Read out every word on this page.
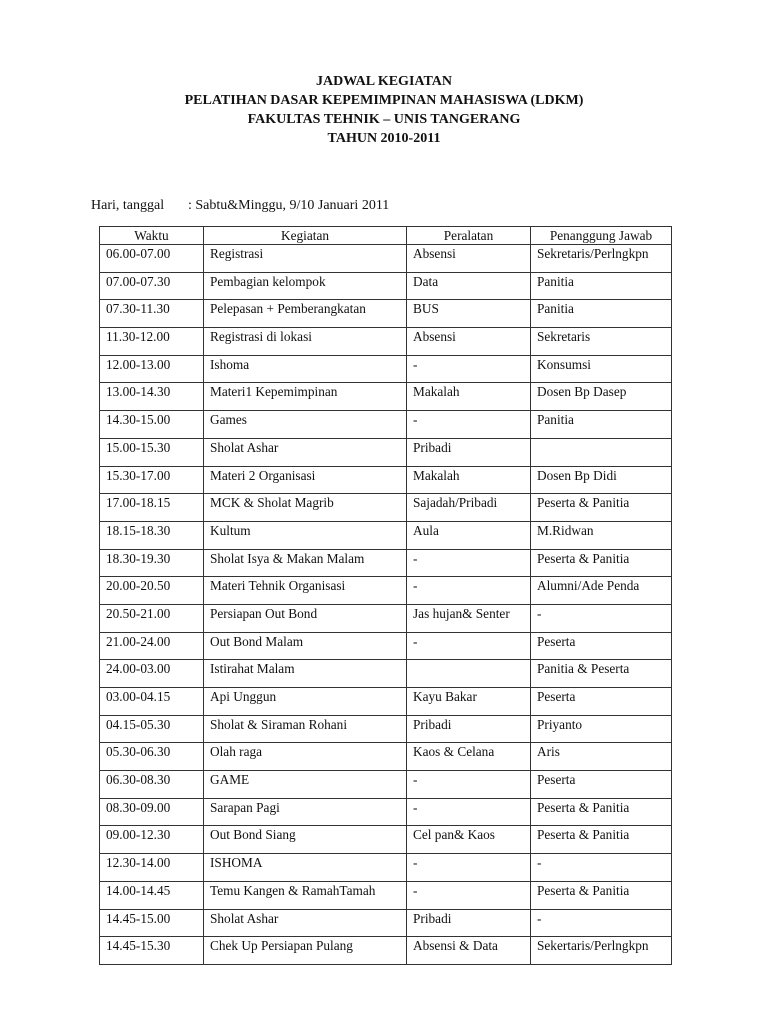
JADWAL KEGIATAN
PELATIHAN DASAR KEPEMIMPINAN MAHASISWA (LDKM)
FAKULTAS TEHNIK – UNIS TANGERANG
TAHUN 2010-2011
Hari, tanggal : Sabtu&Minggu, 9/10 Januari 2011
Waktu	Kegiatan	Peralatan	Penanggung Jawab
06.00-07.00	Registrasi	Absensi	Sekretaris/Perlngkpn
07.00-07.30	Pembagian kelompok	Data	Panitia
07.30-11.30	Pelepasan + Pemberangkatan	BUS	Panitia
11.30-12.00	Registrasi di lokasi	Absensi	Sekretaris
12.00-13.00	Ishoma	-	Konsumsi
13.00-14.30	Materi1 Kepemimpinan	Makalah	Dosen Bp Dasep
14.30-15.00	Games	-	Panitia
15.00-15.30	Sholat Ashar	Pribadi	
15.30-17.00	Materi 2 Organisasi	Makalah	Dosen Bp Didi
17.00-18.15	MCK & Sholat Magrib	Sajadah/Pribadi	Peserta & Panitia
18.15-18.30	Kultum	Aula	M.Ridwan
18.30-19.30	Sholat Isya & Makan Malam	-	Peserta & Panitia
20.00-20.50	Materi Tehnik Organisasi	-	Alumni/Ade Penda
20.50-21.00	Persiapan Out Bond	Jas hujan& Senter	-
21.00-24.00	Out Bond Malam	-	Peserta
24.00-03.00	Istirahat Malam		Panitia & Peserta
03.00-04.15	Api Unggun	Kayu Bakar	Peserta
04.15-05.30	Sholat & Siraman Rohani	Pribadi	Priyanto
05.30-06.30	Olah raga	Kaos & Celana	Aris
06.30-08.30	GAME	-	Peserta
08.30-09.00	Sarapan Pagi	-	Peserta & Panitia
09.00-12.30	Out Bond Siang	Cel pan& Kaos	Peserta & Panitia
12.30-14.00	ISHOMA	-	-
14.00-14.45	Temu Kangen & RamahTamah	-	Peserta & Panitia
14.45-15.00	Sholat Ashar	Pribadi	-
14.45-15.30	Chek Up Persiapan Pulang	Absensi & Data	Sekertaris/Perlngkpn
